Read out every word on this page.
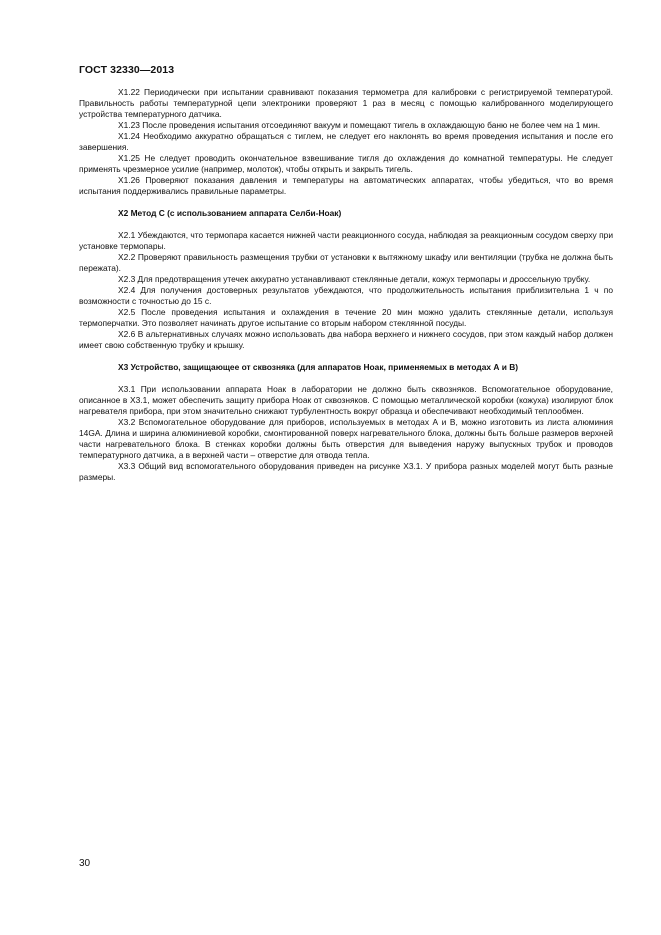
ГОСТ 32330—2013

Х1.22 Периодически при испытании сравнивают показания термометра для калибровки с регистрируемой температурой. Правильность работы температурной цепи электроники проверяют 1 раз в месяц с помощью калиброванного моделирующего устройства температурного датчика.

Х1.23 После проведения испытания отсоединяют вакуум и помещают тигель в охлаждающую баню не более чем на 1 мин.

Х1.24 Необходимо аккуратно обращаться с тиглем, не следует его наклонять во время проведения испытания и после его завершения.

Х1.25 Не следует проводить окончательное взвешивание тигля до охлаждения до комнатной температуры. Не следует применять чрезмерное усилие (например, молоток), чтобы открыть и закрыть тигель.

Х1.26 Проверяют показания давления и температуры на автоматических аппаратах, чтобы убедиться, что во время испытания поддерживались правильные параметры.

Х2 Метод С (с использованием аппарата Селби-Ноак)

Х2.1 Убеждаются, что термопара касается нижней части реакционного сосуда, наблюдая за реакционным сосудом сверху при установке термопары.

Х2.2 Проверяют правильность размещения трубки от установки к вытяжному шкафу или вентиляции (трубка не должна быть пережата).

Х2.3 Для предотвращения утечек аккуратно устанавливают стеклянные детали, кожух термопары и дроссельную трубку.

Х2.4 Для получения достоверных результатов убеждаются, что продолжительность испытания приблизительна 1 ч по возможности с точностью до 15 с.

Х2.5 После проведения испытания и охлаждения в течение 20 мин можно удалить стеклянные детали, используя термоперчатки. Это позволяет начинать другое испытание со вторым набором стеклянной посуды.

Х2.6 В альтернативных случаях можно использовать два набора верхнего и нижнего сосудов, при этом каждый набор должен имеет свою собственную трубку и крышку.

Х3 Устройство, защищающее от сквозняка (для аппаратов Ноак, применяемых в методах А и В)

Х3.1 При использовании аппарата Ноак в лаборатории не должно быть сквозняков. Вспомогательное оборудование, описанное в Х3.1, может обеспечить защиту прибора Ноак от сквозняков. С помощью металлической коробки (кожуха) изолируют блок нагревателя прибора, при этом значительно снижают турбулентность вокруг образца и обеспечивают необходимый теплообмен.

Х3.2 Вспомогательное оборудование для приборов, используемых в методах А и В, можно изготовить из листа алюминия 14GA. Длина и ширина алюминиевой коробки, смонтированной поверх нагревательного блока, должны быть больше размеров верхней части нагревательного блока. В стенках коробки должны быть отверстия для выведения наружу выпускных трубок и проводов температурного датчика, а в верхней части – отверстие для отвода тепла.

Х3.3 Общий вид вспомогательного оборудования приведен на рисунке Х3.1. У прибора разных моделей могут быть разные размеры.

30
